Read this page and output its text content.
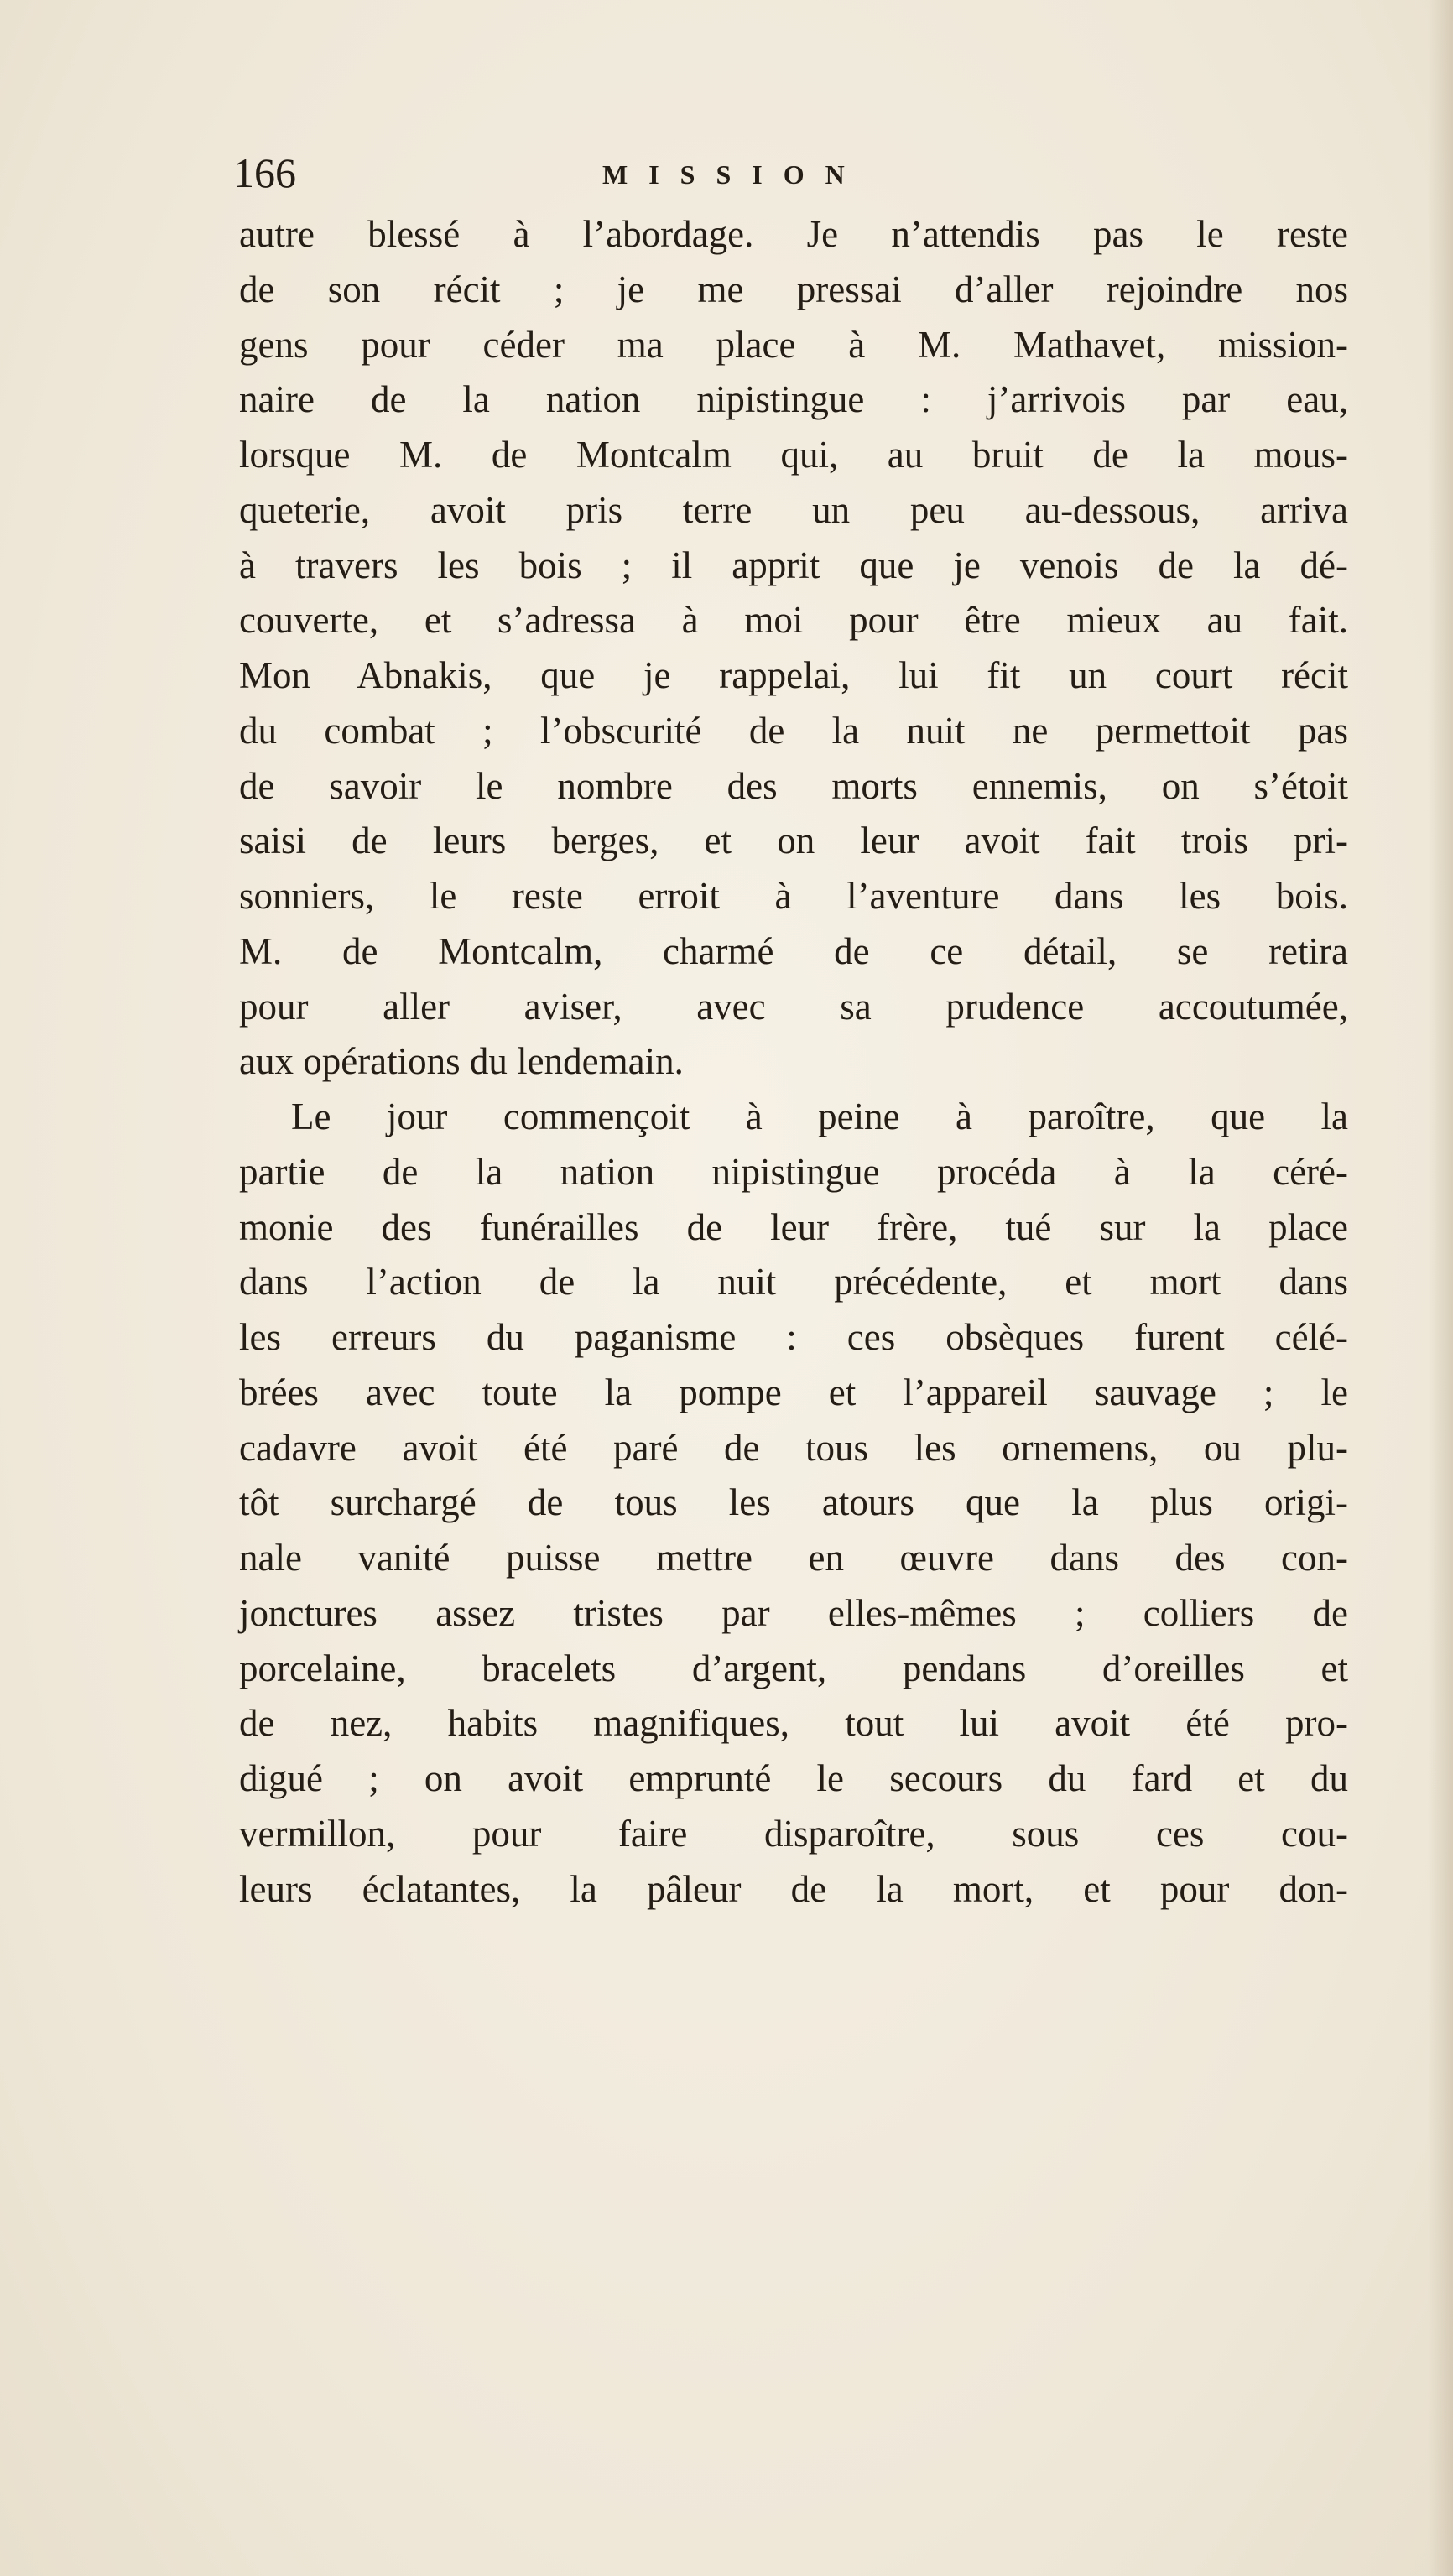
166	MISSION
autre blessé à l’abordage. Je n’attendis pas le reste
de son récit ; je me pressai d’aller rejoindre nos
gens pour céder ma place à M. Mathavet, mission-
naire de la nation nipistingue : j’arrivois par eau,
lorsque M. de Montcalm qui, au bruit de la mous-
queterie, avoit pris terre un peu au-dessous, arriva
à travers les bois ; il apprit que je venois de la dé-
couverte, et s’adressa à moi pour être mieux au fait.
Mon Abnakis, que je rappelai, lui fit un court récit
du combat ; l’obscurité de la nuit ne permettoit pas
de savoir le nombre des morts ennemis, on s’étoit
saisi de leurs berges, et on leur avoit fait trois pri-
sonniers, le reste erroit à l’aventure dans les bois.
M. de Montcalm, charmé de ce détail, se retira
pour aller aviser, avec sa prudence accoutumée,
aux opérations du lendemain.
Le jour commençoit à peine à paroître, que la
partie de la nation nipistingue procéda à la céré-
monie des funérailles de leur frère, tué sur la place
dans l’action de la nuit précédente, et mort dans
les erreurs du paganisme : ces obsèques furent célé-
brées avec toute la pompe et l’appareil sauvage ; le
cadavre avoit été paré de tous les ornemens, ou plu-
tôt surchargé de tous les atours que la plus origi-
nale vanité puisse mettre en œuvre dans des con-
jonctures assez tristes par elles-mêmes ; colliers de
porcelaine, bracelets d’argent, pendans d’oreilles et
de nez, habits magnifiques, tout lui avoit été pro-
digué ; on avoit emprunté le secours du fard et du
vermillon, pour faire disparoître, sous ces cou-
leurs éclatantes, la pâleur de la mort, et pour don-
